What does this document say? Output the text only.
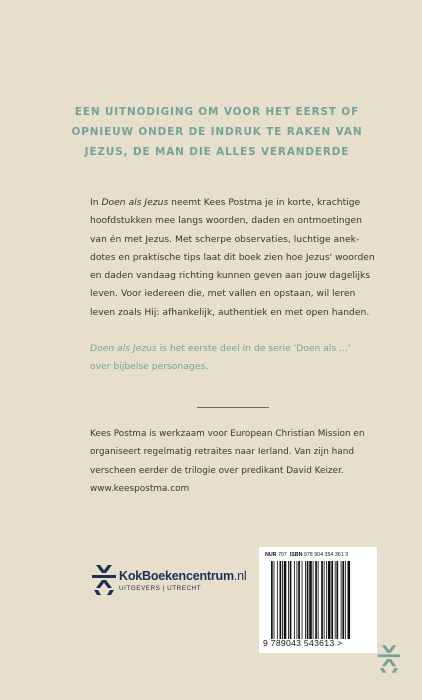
EEN UITNODIGING OM VOOR HET EERST OF
OPNIEUW ONDER DE INDRUK TE RAKEN VAN
JEZUS, DE MAN DIE ALLES VERANDERDE
In Doen als Jezus neemt Kees Postma je in korte, krachtige
hoofdstukken mee langs woorden, daden en ontmoetingen
van én met Jezus. Met scherpe observaties, luchtige anek-
dotes en praktische tips laat dit boek zien hoe Jezus' woorden
en daden vandaag richting kunnen geven aan jouw dagelijks
leven. Voor iedereen die, met vallen en opstaan, wil leren
leven zoals Hij: afhankelijk, authentiek en met open handen.
Doen als Jezus is het eerste deel in de serie 'Doen als ...'
over bijbelse personages.
Kees Postma is werkzaam voor European Christian Mission en
organiseert regelmatig retraites naar Ierland. Van zijn hand
verscheen eerder de trilogie over predikant David Keizer.
www.keespostma.com
KokBoekencentrum.nl
UITGEVERS | UTRECHT
NUR 707 ISBN 978 904 354 361 3
9 789043 543613 >
